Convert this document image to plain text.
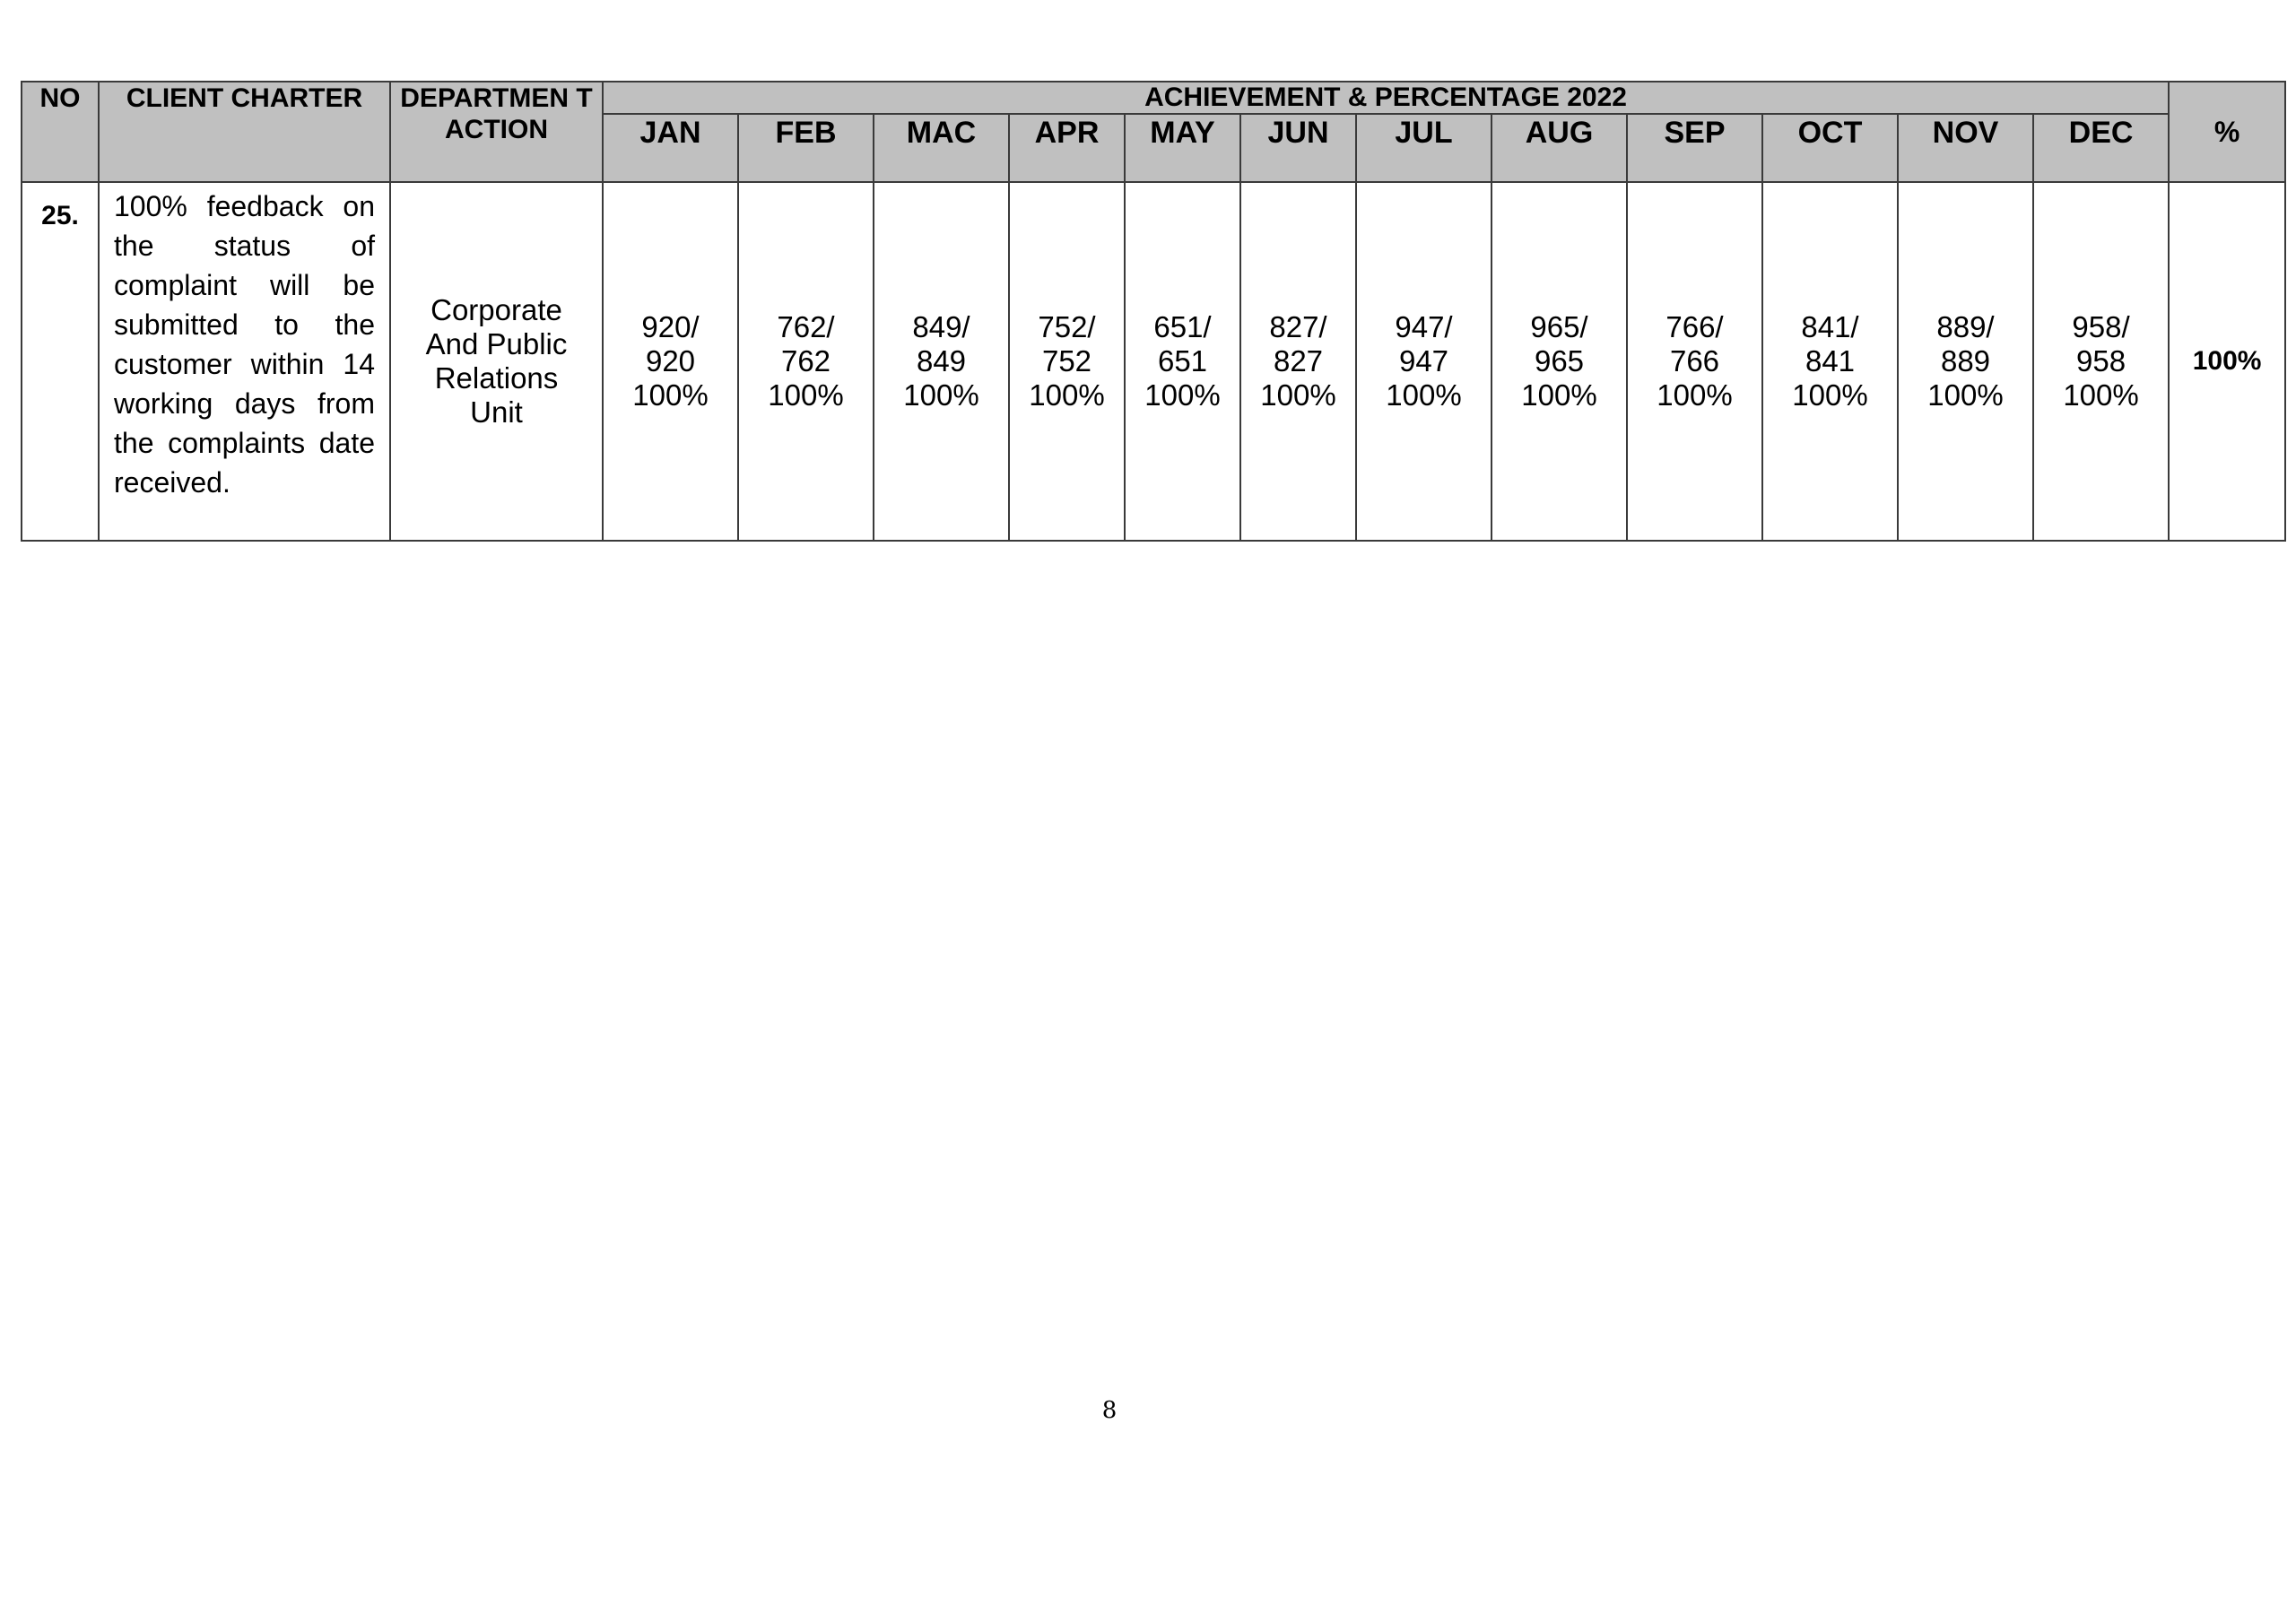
NO	CLIENT CHARTER	DEPARTMEN T ACTION	ACHIEVEMENT & PERCENTAGE 2022												%
			JAN	FEB	MAC	APR	MAY	JUN	JUL	AUG	SEP	OCT	NOV	DEC	
25.	100% feedback on the status of complaint will be submitted to the customer within 14 working days from the complaints date received.	Corporate
And Public
Relations
Unit	920/
920
100%	762/
762
100%	849/
849
100%	752/
752
100%	651/
651
100%	827/
827
100%	947/
947
100%	965/
965
100%	766/
766
100%	841/
841
100%	889/
889
100%	958/
958
100%	100%
8
